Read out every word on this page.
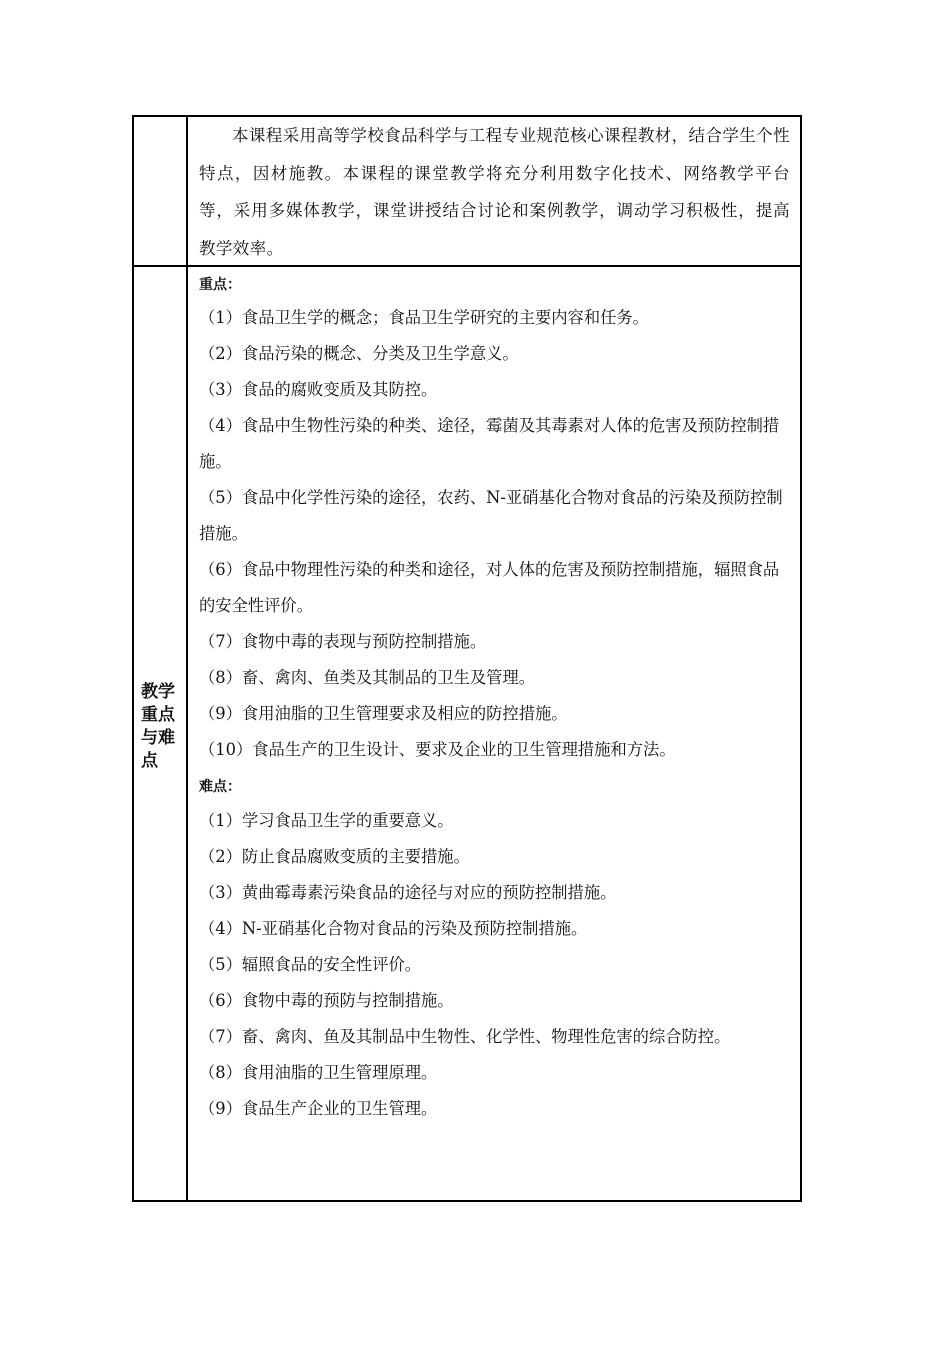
本课程采用高等学校食品科学与工程专业规范核心课程教材，结合学生个性特点，因材施教。本课程的课堂教学将充分利用数字化技术、网络教学平台等，采用多媒体教学，课堂讲授结合讨论和案例教学，调动学习积极性，提高教学效率。

教学重点与难点

重点：

（1）食品卫生学的概念；食品卫生学研究的主要内容和任务。
（2）食品污染的概念、分类及卫生学意义。
（3）食品的腐败变质及其防控。
（4）食品中生物性污染的种类、途径，霉菌及其毒素对人体的危害及预防控制措施。
（5）食品中化学性污染的途径，农药、N-亚硝基化合物对食品的污染及预防控制措施。
（6）食品中物理性污染的种类和途径，对人体的危害及预防控制措施，辐照食品的安全性评价。
（7）食物中毒的表现与预防控制措施。
（8）畜、禽肉、鱼类及其制品的卫生及管理。
（9）食用油脂的卫生管理要求及相应的防控措施。
（10）食品生产的卫生设计、要求及企业的卫生管理措施和方法。

难点：

（1）学习食品卫生学的重要意义。
（2）防止食品腐败变质的主要措施。
（3）黄曲霉毒素污染食品的途径与对应的预防控制措施。
（4）N-亚硝基化合物对食品的污染及预防控制措施。
（5）辐照食品的安全性评价。
（6）食物中毒的预防与控制措施。
（7）畜、禽肉、鱼及其制品中生物性、化学性、物理性危害的综合防控。
（8）食用油脂的卫生管理原理。
（9）食品生产企业的卫生管理。
